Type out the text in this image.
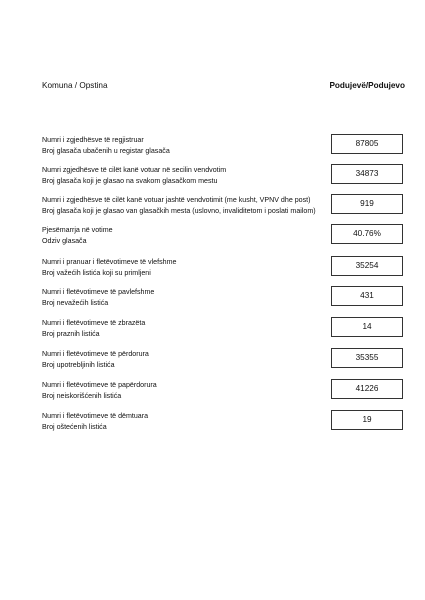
Komuna / Opstina	Podujevë/Podujevo
Numri i zgjedhësve të regjistruar
Broj glasača ubačenih u registar glasača
87805
Numri zgjedhësve të cilët kanë votuar në secilin vendvotim
Broj glasača koji je glasao na svakom glasačkom mestu
34873
Numri i zgjedhësve të cilët kanë votuar jashtë vendvotimit (me kusht, VPNV dhe post)
Broj glasača koji je glasao van glasačkih mesta (uslovno, invaliditetom i poslati mailom)
919
Pjesëmarrja në votime
Odziv glasača
40.76%
Numri i pranuar i fletëvotimeve të vlefshme
Broj važećih listića koji su primljeni
35254
Numri i fletëvotimeve të pavlefshme
Broj nevažećih listića
431
Numri i fletëvotimeve të zbrazëta
Broj praznih listića
14
Numri i fletëvotimeve të përdorura
Broj upotrebljinih listića
35355
Numri i fletëvotimeve të papërdorura
Broj neiskorišćenih listića
41226
Numri i fletëvotimeve të dëmtuara
Broj oštećenih listića
19
